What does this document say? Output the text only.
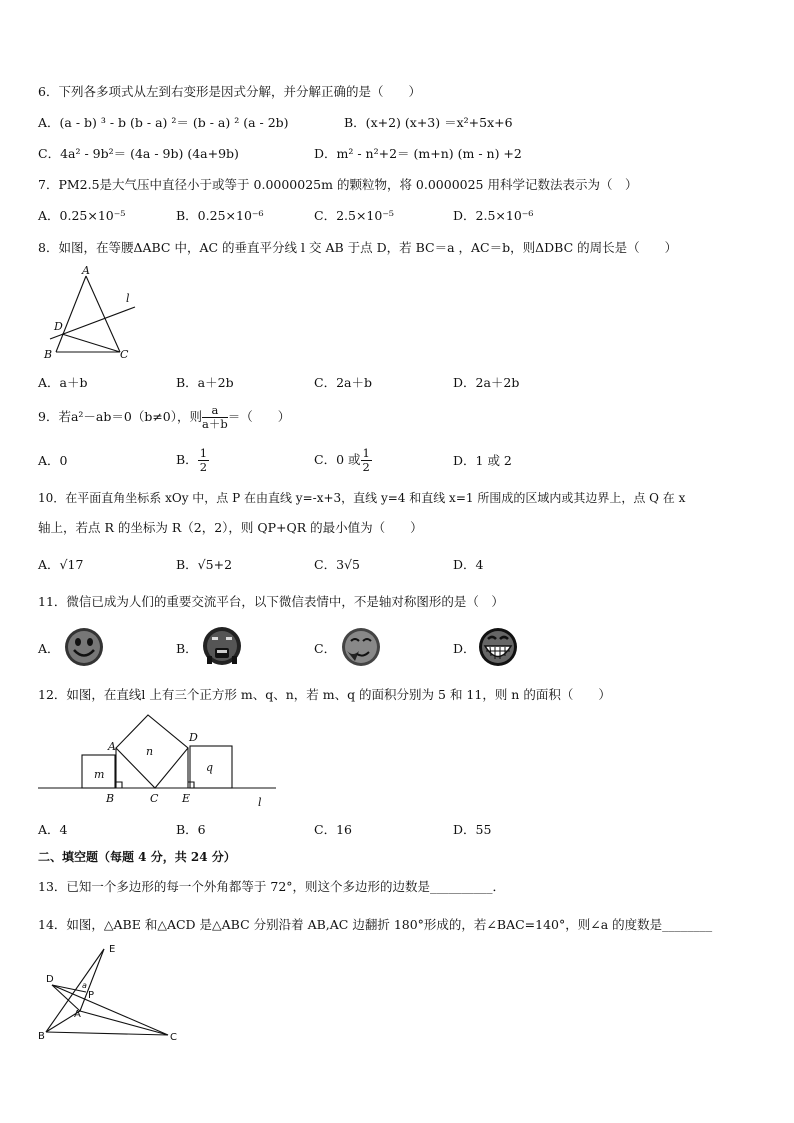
6．下列各多项式从左到右变形是因式分解，并分解正确的是（　　）
A．(a - b) ³ - b (b - a) ²＝ (b - a) ² (a - 2b)	B．(x+2) (x+3) ＝x²+5x+6
C．4a² - 9b²＝ (4a - 9b) (4a+9b)	D．m² - n²+2＝ (m+n) (m - n) +2
7．PM2.5是大气压中直径小于或等于 0.0000025m 的颗粒物，将 0.0000025 用科学记数法表示为（　）
A．0.25×10⁻⁵	B．0.25×10⁻⁶	C．2.5×10⁻⁵	D．2.5×10⁻⁶
8．如图，在等腰ΔABC 中，AC 的垂直平分线 l 交 AB 于点 D，若 BC＝a ，AC＝b，则ΔDBC 的周长是（　　）
A
B	C
D
l
A．a＋b	B．a＋2b	C．2a＋b	D．2a＋2b
9．若a²－ab＝0（b≠0），则 $\frac{a}{a+b}$ ＝（　　）
A．0	B． $\frac{1}{2}$	C．0 或 $\frac{1}{2}$	D．1 或 2
10．在平面直角坐标系 xOy 中，点 P 在由直线 y=-x+3，直线 y=4 和直线 x=1 所围成的区域内或其边界上，点 Q 在 x
轴上，若点 R 的坐标为 R（2，2），则 QP+QR 的最小值为（　　）
A．√17	B．√5+2	C．3√5	D．4
11．微信已成为人们的重要交流平台，以下微信表情中，不是轴对称图形的是（　）
A．	B．	C．	D．
12．如图，在直线l 上有三个正方形 m、q、n，若 m、q 的面积分别为 5 和 11，则 n 的面积（　　）
m
n
q
A
B	C
D
E	l
A．4	B．6	C．16	D．55
二、填空题（每题 4 分，共 24 分）
13．已知一个多边形的每一个外角都等于 72°，则这个多边形的边数是__________．
14．如图，△ABE 和△ACD 是△ABC 分别沿着 AB,AC 边翻折 180°形成的，若∠BAC=140°，则∠a 的度数是________
E
D
P
a
A
B	C
